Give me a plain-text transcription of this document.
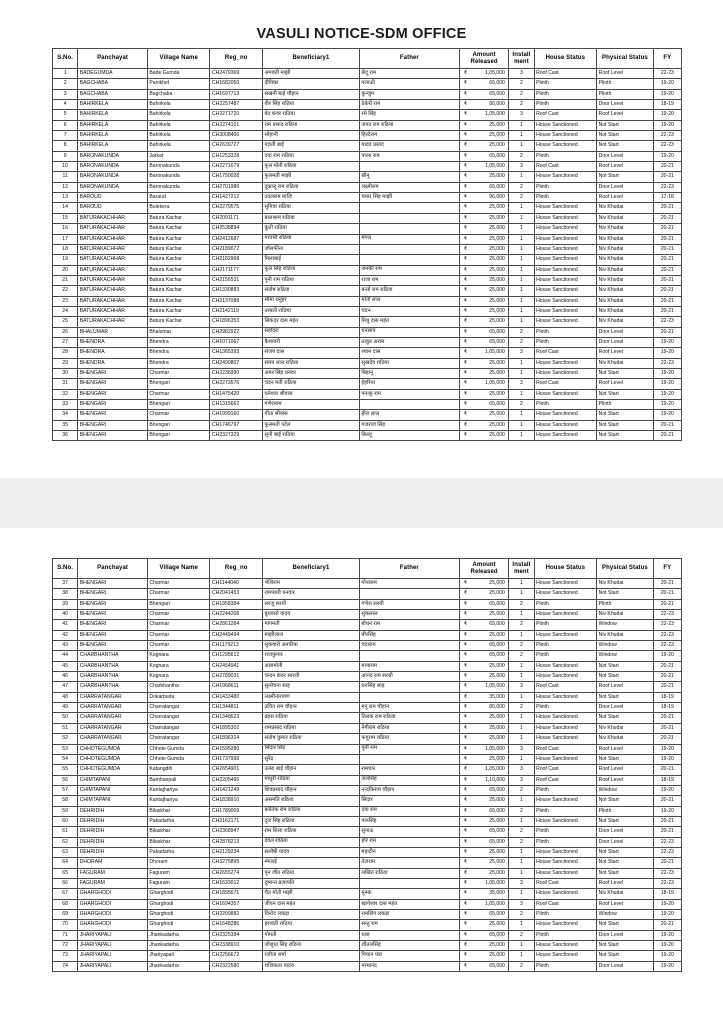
VASULI NOTICE-SDM OFFICE
S.No.	Panchayat	Village Name	Reg_no	Beneficiary1	Father	
Amount
Released

Install
ment
	House Status	Physical Status	FY
1	BADEGUMDA	Bade Gumda	CH2479369	अमवती माझी	छेदू राम	₹ 1,05,000	3	Roof Cast	Roof Level	22-23
2	BAGCHABA	Panikhet	CH1682050	दीपिका	पलाऊी	₹ 65,000	2	Plinth	Plinth	19-20
3	BAGCHABA	Bagchaba	CH1697713	सखनी बाई चौहान	कुन्जुम	₹ 65,000	2	Plinth	Plinth	19-20
4	BAHIRKELA	Bahirkela	CH2257487	वीर सिंह राठिया	ठेकेरी राम	₹ 80,000	2	Plinth	Door Level	18-19
5	BAHIRKELA	Bahirkela	CH2271720	बेद कंवर राठिया	रमे सिंह	₹ 1,05,000	3	Roof Cast	Roof Level	19-20
6	BAHIRKELA	Bahirkela	CH2274101	राम प्रसाद राठिया	जगत राम राठिया	₹ 25,000	1	House Sanctioned	Not Start	19-20
7	BAHIRKELA	Bahirkela	CH3008406	सोहानी	हिरदेराम	₹ 25,000	1	House Sanctioned	Not Start	22-23
8	BAHIRKELA	Bahirkela	CH2639727	यज्ञती बाई	यादव प्रसाद	₹ 25,000	1	House Sanctioned	Not Start	22-23
9	BARONAKUNDA	Jarkat	CH1253328	दया राम राठिया	पारस राम	₹ 65,000	2	Plinth	Door Level	19-20
10	BARONAKUNDA	Baronakunda	CH2271679	फूल मोती राठिया		₹ 1,05,000	3	Roof Cast	Roof Level	20-21
11	BARONAKUNDA	Baronakunda	CH1750028	फुलमती माझी	छीनू	₹ 25,000	1	House Sanctioned	Not Start	20-21
12	BARONAKUNDA	Baronakunda	CH2701986	दुकालू राम राठिया	लक्ष्मीराम	₹ 65,000	2	Plinth	Door Level	22-23
13	BAROUD	Baraud	CH1427212	उदलराम माजि	चमार सिंह माझी	₹ 96,000	2	Plinth	Roof Level	17-18
14	BAROUD	Bulekera	CH2279575	सुमित्रा राठिया		₹ 25,000	1	House Sanctioned	Niv Khudai	20-21
15	BATURAKACHHAR	Batura Kachar	CH2091171	बालश्राम राठिया		₹ 25,000	1	House Sanctioned	Niv Khudai	20-21
16	BATURAKACHHAR	Batura Kachar	CH2538894	कुंती राठिया		₹ 25,000	1	House Sanctioned	Niv Khudai	20-21
17	BATURAKACHHAR	Batura Kachar	CH2412687	गरवारी राठिया	मंगल	₹ 25,000	1	House Sanctioned	Niv Khudai	20-21
18	BATURAKACHHAR	Batura Kachar	CH2189072	जोसफीना		₹ 25,000	1	House Sanctioned	Niv Khudai	20-21
19	BATURAKACHHAR	Batura Kachar	CH2182968	मिलाबाई		₹ 25,000	1	House Sanctioned	Niv Khudai	20-21
20	BATURAKACHHAR	Batura Kachar	CH2171177	फूल सिंह राठिया	जनकी राम	₹ 25,000	1	House Sanctioned	Niv Khudai	20-21
21	BATURAKACHHAR	Batura Kachar	CH2156531	पूनी राम राठिया	राजा राम	₹ 25,000	1	House Sanctioned	Niv Khudai	20-21
22	BATURAKACHHAR	Batura Kachar	CH1330883	संतोष राठिया	बन्तो राम राठिया	₹ 25,000	1	House Sanctioned	Niv Khudai	20-21
23	BATURAKACHHAR	Batura Kachar	CH2137088	सीमा धनुहर	मोती लाल	₹ 25,000	1	House Sanctioned	Niv Khudai	20-21
24	BATURAKACHHAR	Batura Kachar	CH2142119	तरबती राठिया	चंदन	₹ 25,000	1	House Sanctioned	Niv Khudai	20-21
25	BATURAKACHHAR	Batura Kachar	CH1896353	सिकंदर दास महंत	मिथु दास महंत	₹ 25,000	1	House Sanctioned	Niv Khudai	22-23
26	BHALUMAR	Bhalumar	CH2982922	सहोदरा	धनसाय	₹ 65,000	2	Plinth	Door Level	20-21
27	BHENDRA	Bhendra	CH1071067	कैशावरी	ठाकुर अराम	₹ 65,000	2	Plinth	Door Level	19-20
28	BHENDRA	Bhendra	CH1365393	संजय दास	श्याम दास	₹ 1,05,000	3	Roof Cast	Roof Level	19-20
29	BHENDRA	Bhendra	CH2490807	समय लाल राठिया	सुखदेव राठिया	₹ 25,000	1	House Sanctioned	Niv Khudai	22-23
30	BHENGARI	Charmar	CH2236990	अमर सिंह धनवर	बिहानू	₹ 25,000	1	House Sanctioned	Not Start	19-20
31	BHENGARI	Bhengari	CH2273576	चंदन मती राठिया	हेहरिया	₹ 1,05,000	3	Roof Cast	Roof Level	19-20
32	BHENGARI	Charmar	CH1475420	धनेश्वर श्रीवास	पनाकू राम	₹ 25,000	1	House Sanctioned	Not Start	19-20
33	BHENGARI	Bhengari	CH1315662	गणेशराम		₹ 65,000	2	Plinth	Plinth	19-20
34	BHENGARI	Charmar	CH1999160	गीता श्रीवास	हीरा लाल	₹ 25,000	1	House Sanctioned	Not Start	19-20
35	BHENGARI	Bhengari	CH1746797	फुलमती पटेल	गजराज सिंह	₹ 25,000	1	House Sanctioned	Not Start	20-21
36	BHENGARI	Bhengari	CH2327329	सुनी बाई राठिया	बिल्लू	₹ 25,000	1	House Sanctioned	Not Start	20-21
S.No.	Panchayat	Village Name	Reg_no	Beneficiary1	Father	
Amount
Released

Install
ment
	House Status	Physical Status	FY
37	BHENGARI	Charmar	CH1144040	भेशिराम	गोनाराम	₹ 25,000	1	House Sanctioned	Niv Khudai	20-21
38	BHENGARI	Charmar	CH2041453	रामप्यारी धनवार		₹ 25,000	1	House Sanctioned	Not Start	20-21
39	BHENGARI	Bhengari	CH1958384	सरजू सरथी	गणेश सरथी	₹ 65,000	2	Plinth	Plinth	20-21
40	BHENGARI	Charmar	CH2244208	बुधवारो यादव	सुकलाल	₹ 25,000	1	House Sanctioned	Niv Khudai	22-23
41	BHENGARI	Charmar	CH2861284	मांगमती	बोधन राम	₹ 65,000	2	Plinth	Window	22-23
42	BHENGARI	Charmar	CH2449494	माझीलाल	बीरसिंह	₹ 25,000	1	House Sanctioned	Niv Khudai	22-23
43	BHENGARI	Charmar	CH1179213	सुकवारो अनारिया	चंदाराम	₹ 65,000	2	Plinth	Window	22-23
44	CHARBHANTHA	Kognara	CH1295612	राजकुमार		₹ 65,000	2	Plinth	Window	19-20
45	CHARBHANTHA	Kognara	CH2454941	आसमोती	मायाराम	₹ 25,000	1	House Sanctioned	Not Start	20-21
46	CHARBHANTHA	Kognara	CH2789031	चन्दन कंवर सारथी	आनंद राम सरथी	₹ 25,000	1	House Sanctioned	Not Start	20-21
47	CHARBHANTHA	Charbhantha	CH1968611	सुलोचना साह	धनसिंह साह	₹ 1,05,000	3	Roof Cast	Roof Level	20-21
48	CHARRATANGAR	Dokarbuda	CH1433480	लक्ष्मीनारायण		₹ 35,000	1	House Sanctioned	Not Start	18-19
49	CHARRATANGAR	Charratangar	CH1344811	उचित राम चौहान	मनु राम चौहान	₹ 80,000	2	Plinth	Door Level	18-19
50	CHARRATANGAR	Charratangar	CH1348623	व्रहस राठिया	तिलक राम राठिया	₹ 25,000	1	House Sanctioned	Not Start	20-21
51	CHARRATANGAR	Charratangar	CH1895302	रामप्रसाद राठिया	नेगीराम राठिया	₹ 25,000	1	House Sanctioned	Niv Khudai	20-21
52	CHARRATANGAR	Charratangar	CH1896314	संतोष कुमार राठिया	फगुराम राठिया	₹ 25,000	1	House Sanctioned	Niv Khudai	20-21
53	CHHOTEGUMDA	Chhote Gumda	CH1595280	सिदार सिंह	पूनी राम	₹ 1,05,000	3	Roof Cast	Roof Level	19-20
54	CHHOTEGUMDA	Chhote Gumda	CH1737998	सुरेंद्र		₹ 25,000	1	House Sanctioned	Not Start	19-20
55	CHHOTEGUMDA	Katangdih	CH2654901	उलरा बाई चौहान	रामधार	₹ 1,05,000	3	Roof Cast	Roof Level	20-21
56	CHIMTAPANI	Bamhanpali	CH2205495	माधुरी राठिया	जलसिंह	₹ 1,10,000	3	Roof Cast	Roof Level	18-19
57	CHIMTAPANI	Kantajhariya	CH1421249	शिवप्रसाद चौहान	नन्दकिराम चौहान	₹ 65,000	2	Plinth	Window	19-20
58	CHIMTAPANI	Kantajhariya	CH1838910	असमति राठिया	सिदार	₹ 25,000	1	House Sanctioned	Not Start	20-21
59	DEHRIDIH	Bilaskhar	CH1789009	कातिक राम राठिया	दया राम	₹ 65,000	2	Plinth	Plinth	19-20
60	DEHRIDIH	Pakadarha	CH2162171	दुज सिंह राठिया	पानसिंह	₹ 25,000	1	House Sanctioned	Not Start	20-21
61	DEHRIDIH	Bilaskhar	CH2368947	राम शिला राठिया	सुनाऊ	₹ 65,000	2	Plinth	Door Level	20-21
62	DEHRIDIH	Bilaskhar	CH2878213	देवल राठिया	हरि राम	₹ 65,000	2	Plinth	Door Level	22-23
63	DEHRIDIH	Pakadarha	CH2129234	सलोषी यादव	महाटीन	₹ 25,000	1	House Sanctioned	Not Start	22-23
64	DHORAM	Dhoram	CH3275895	मंगलई	तेजराम	₹ 25,000	1	House Sanctioned	Not Start	20-21
65	FAGURAM	Faguram	CH2655274	पून जीत राठिया	लखित राठिया	₹ 25,000	1	House Sanctioned	Not Start	22-23
66	FAGURAM	Faguram	CH1633012	दुष्यन्त प्रजापति		₹ 1,05,000	3	Roof Cast	Roof Level	22-23
67	GHARGHODI	Gharghodi	CH1895671	चैत मोती माझी	मुनक	₹ 35,000	1	House Sanctioned	Niv Khudai	18-19
68	GHARGHODI	Gharghodi	CH1694357	जीवन दास महंत	खागेश्वर दास महंत	₹ 1,05,000	3	Roof Cast	Roof Level	19-20
69	GHARGHODI	Gharghodi	CH2209882	विनोद लकड़ा	रामसिंग लकड़ा	₹ 65,000	2	Plinth	Window	19-20
70	GHARGHODI	Gharghodi	CH1648286	हरावती राठिया	सन्तु राम	₹ 25,000	1	House Sanctioned	Not Start	20-21
71	JHARIYAPALI	Jhankadarha	CH2325384	गोमती	धास	₹ 65,000	2	Plinth	Door Level	19-20
72	JHARIYAPALI	Jhankadarha	CH2338910	जोशुधा सिंह राठिया	शीतलसिंह	₹ 25,000	1	House Sanctioned	Not Start	19-20
73	JHARIYAPALI	Jhariyapali	CH2256672	रंजीता शर्मा	पिचान पंडा	₹ 25,000	1	House Sanctioned	Not Start	19-20
74	JHARIYAPALI	Jhankadarha	CH2322580	शशिकला यादव	परमानंद	₹ 65,000	2	Plinth	Door Level	19-20
